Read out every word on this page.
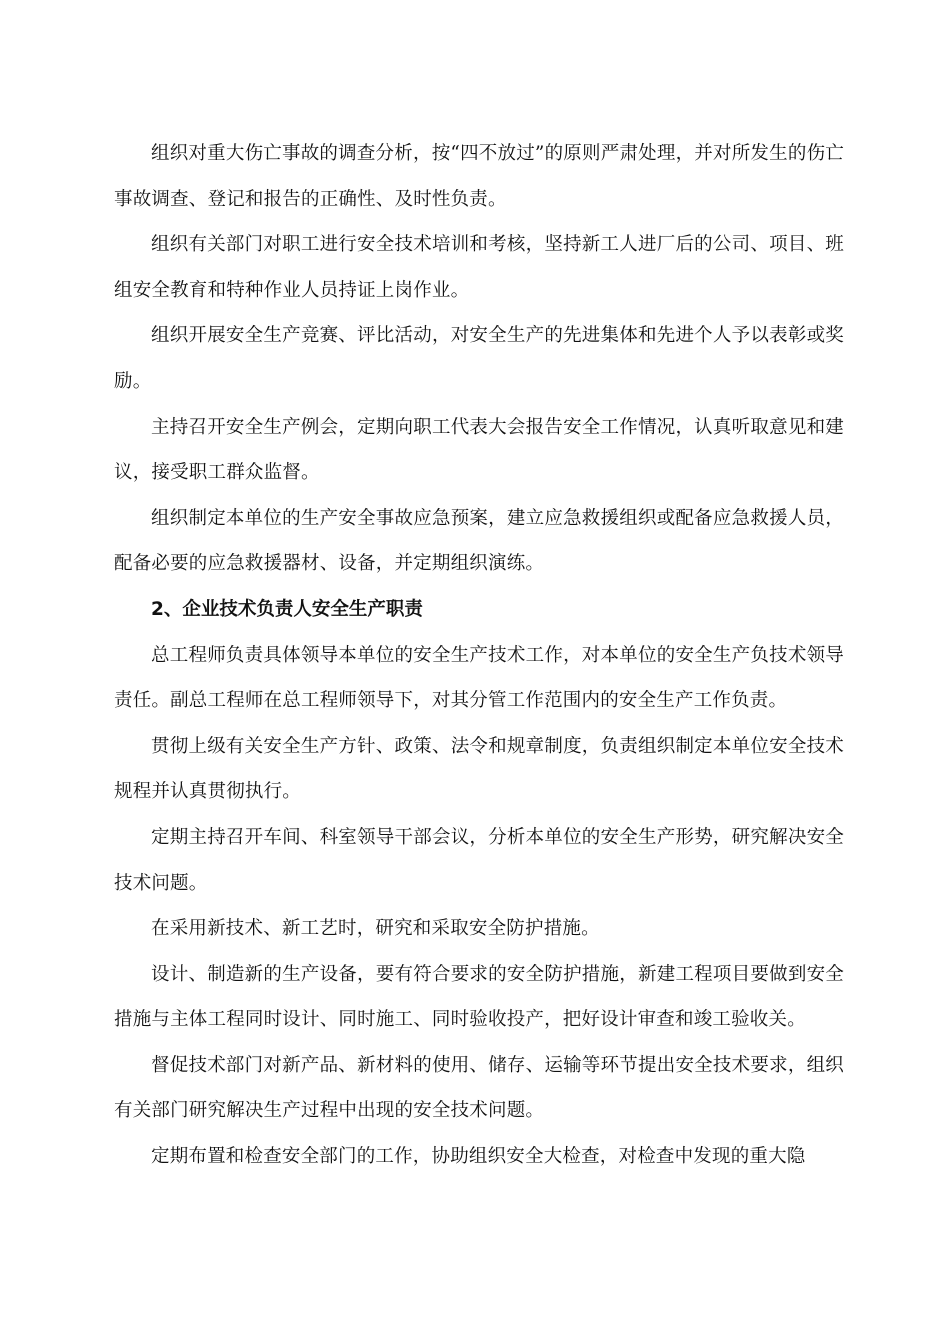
组织对重大伤亡事故的调查分析，按“四不放过”的原则严肃处理，并对所发生的伤亡事故调查、登记和报告的正确性、及时性负责。

组织有关部门对职工进行安全技术培训和考核，坚持新工人进厂后的公司、项目、班组安全教育和特种作业人员持证上岗作业。

组织开展安全生产竞赛、评比活动，对安全生产的先进集体和先进个人予以表彰或奖励。

主持召开安全生产例会，定期向职工代表大会报告安全工作情况，认真听取意见和建议，接受职工群众监督。

组织制定本单位的生产安全事故应急预案，建立应急救援组织或配备应急救援人员，配备必要的应急救援器材、设备，并定期组织演练。

2、企业技术负责人安全生产职责

总工程师负责具体领导本单位的安全生产技术工作，对本单位的安全生产负技术领导责任。副总工程师在总工程师领导下，对其分管工作范围内的安全生产工作负责。

贯彻上级有关安全生产方针、政策、法令和规章制度，负责组织制定本单位安全技术规程并认真贯彻执行。

定期主持召开车间、科室领导干部会议，分析本单位的安全生产形势，研究解决安全技术问题。

在采用新技术、新工艺时，研究和采取安全防护措施。

设计、制造新的生产设备，要有符合要求的安全防护措施，新建工程项目要做到安全措施与主体工程同时设计、同时施工、同时验收投产，把好设计审查和竣工验收关。

督促技术部门对新产品、新材料的使用、储存、运输等环节提出安全技术要求，组织有关部门研究解决生产过程中出现的安全技术问题。

定期布置和检查安全部门的工作，协助组织安全大检查，对检查中发现的重大隐
